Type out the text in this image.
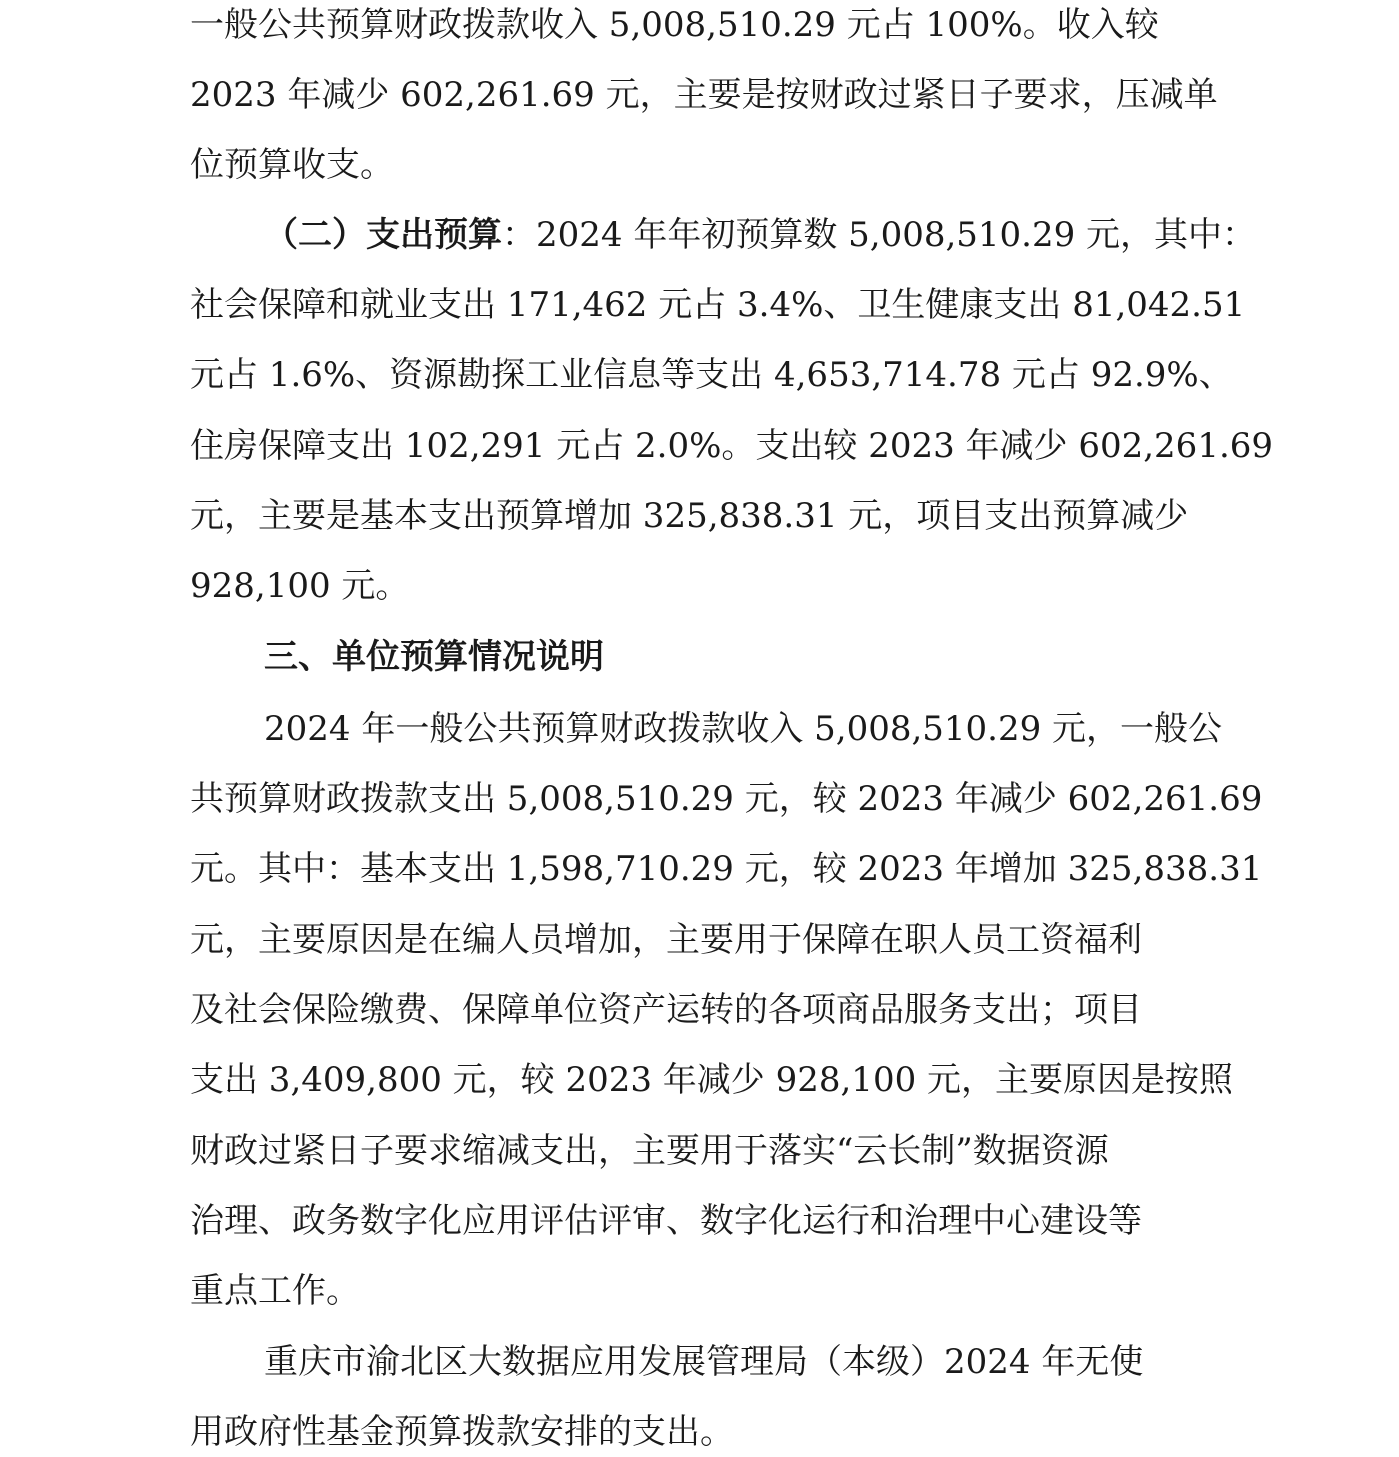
一般公共预算财政拨款收入 5,008,510.29 元占 100%。收入较
2023 年减少 602,261.69 元，主要是按财政过紧日子要求，压减单
位预算收支。
（二）支出预算：2024 年年初预算数 5,008,510.29 元，其中：
社会保障和就业支出 171,462 元占 3.4%、卫生健康支出 81,042.51
元占 1.6%、资源勘探工业信息等支出 4,653,714.78 元占 92.9%、
住房保障支出 102,291 元占 2.0%。支出较 2023 年减少 602,261.69
元，主要是基本支出预算增加 325,838.31 元，项目支出预算减少
928,100 元。
三、单位预算情况说明
2024 年一般公共预算财政拨款收入 5,008,510.29 元，一般公
共预算财政拨款支出 5,008,510.29 元，较 2023 年减少 602,261.69
元。其中：基本支出 1,598,710.29 元，较 2023 年增加 325,838.31
元，主要原因是在编人员增加，主要用于保障在职人员工资福利
及社会保险缴费、保障单位资产运转的各项商品服务支出；项目
支出 3,409,800 元，较 2023 年减少 928,100 元，主要原因是按照
财政过紧日子要求缩减支出，主要用于落实“云长制”数据资源
治理、政务数字化应用评估评审、数字化运行和治理中心建设等
重点工作。
重庆市渝北区大数据应用发展管理局（本级）2024 年无使
用政府性基金预算拨款安排的支出。
